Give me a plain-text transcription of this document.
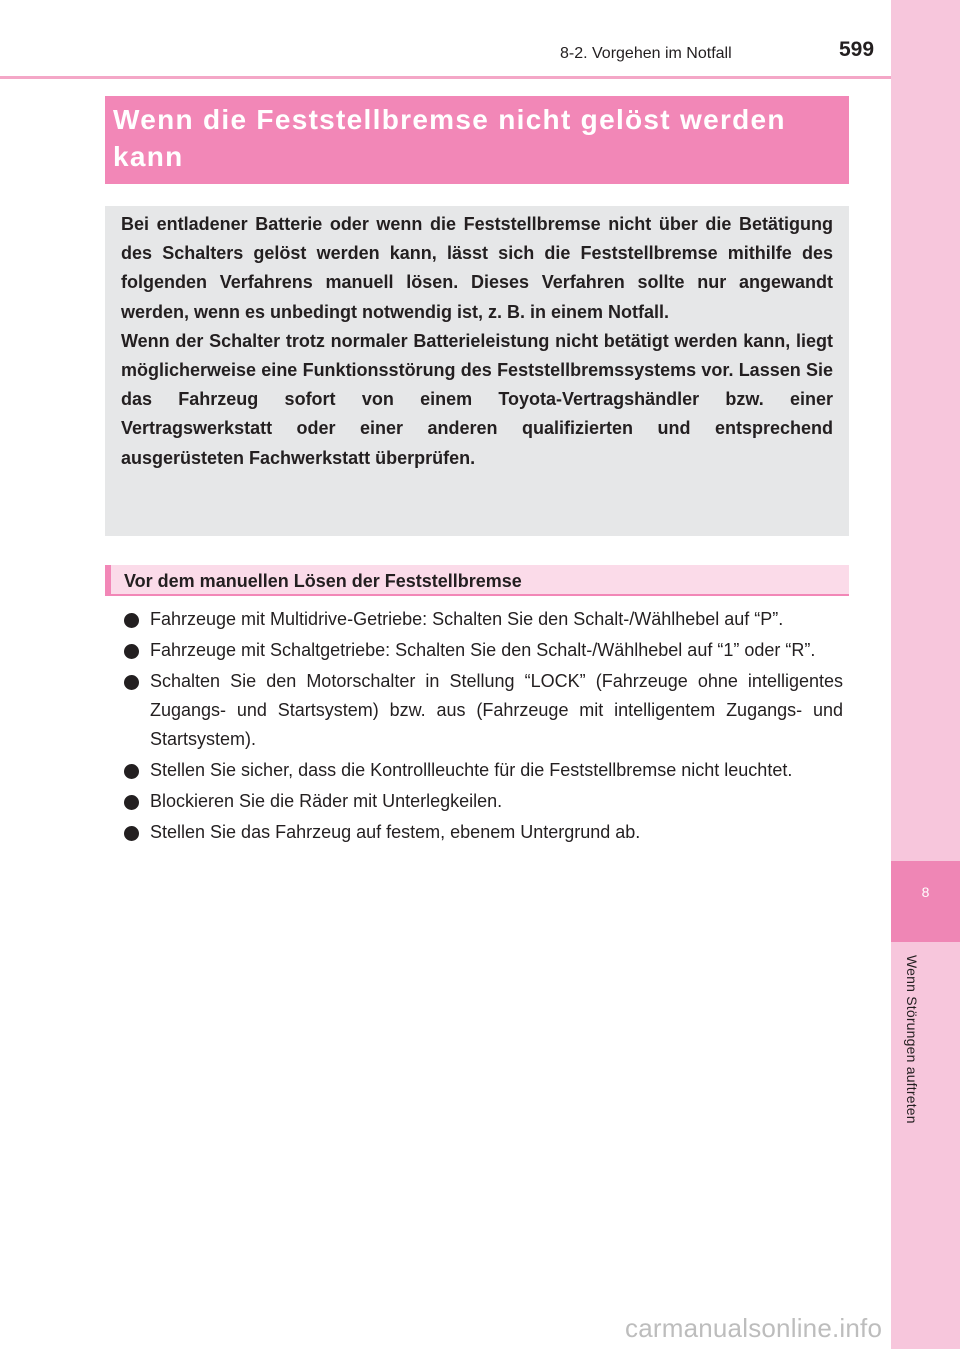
8
Wenn Störungen auftreten
8-2. Vorgehen im Notfall	599
Wenn die Feststellbremse nicht gelöst werden kann

Bei entladener Batterie oder wenn die Feststellbremse nicht über die Betätigung des Schalters gelöst werden kann, lässt sich die Feststellbremse mithilfe des folgenden Verfahrens manuell lösen. Dieses Verfahren sollte nur angewandt werden, wenn es unbedingt notwendig ist, z. B. in einem Notfall.

Wenn der Schalter trotz normaler Batterieleistung nicht betätigt werden kann, liegt möglicherweise eine Funktionsstörung des Feststellbremssystems vor. Lassen Sie das Fahrzeug sofort von einem Toyota-Vertragshändler bzw. einer Vertragswerkstatt oder einer anderen qualifizierten und entsprechend ausgerüsteten Fachwerkstatt überprüfen.

Vor dem manuellen Lösen der Feststellbremse
Fahrzeuge mit Multidrive-Getriebe: Schalten Sie den Schalt-/Wählhebel auf “P”.
Fahrzeuge mit Schaltgetriebe: Schalten Sie den Schalt-/Wählhebel auf “1” oder “R”.
Schalten Sie den Motorschalter in Stellung “LOCK” (Fahrzeuge ohne intelligentes Zugangs- und Startsystem) bzw. aus (Fahrzeuge mit intelligentem Zugangs- und Startsystem).
Stellen Sie sicher, dass die Kontrollleuchte für die Feststellbremse nicht leuchtet.
Blockieren Sie die Räder mit Unterlegkeilen.
Stellen Sie das Fahrzeug auf festem, ebenem Untergrund ab.
carmanualsonline.info
